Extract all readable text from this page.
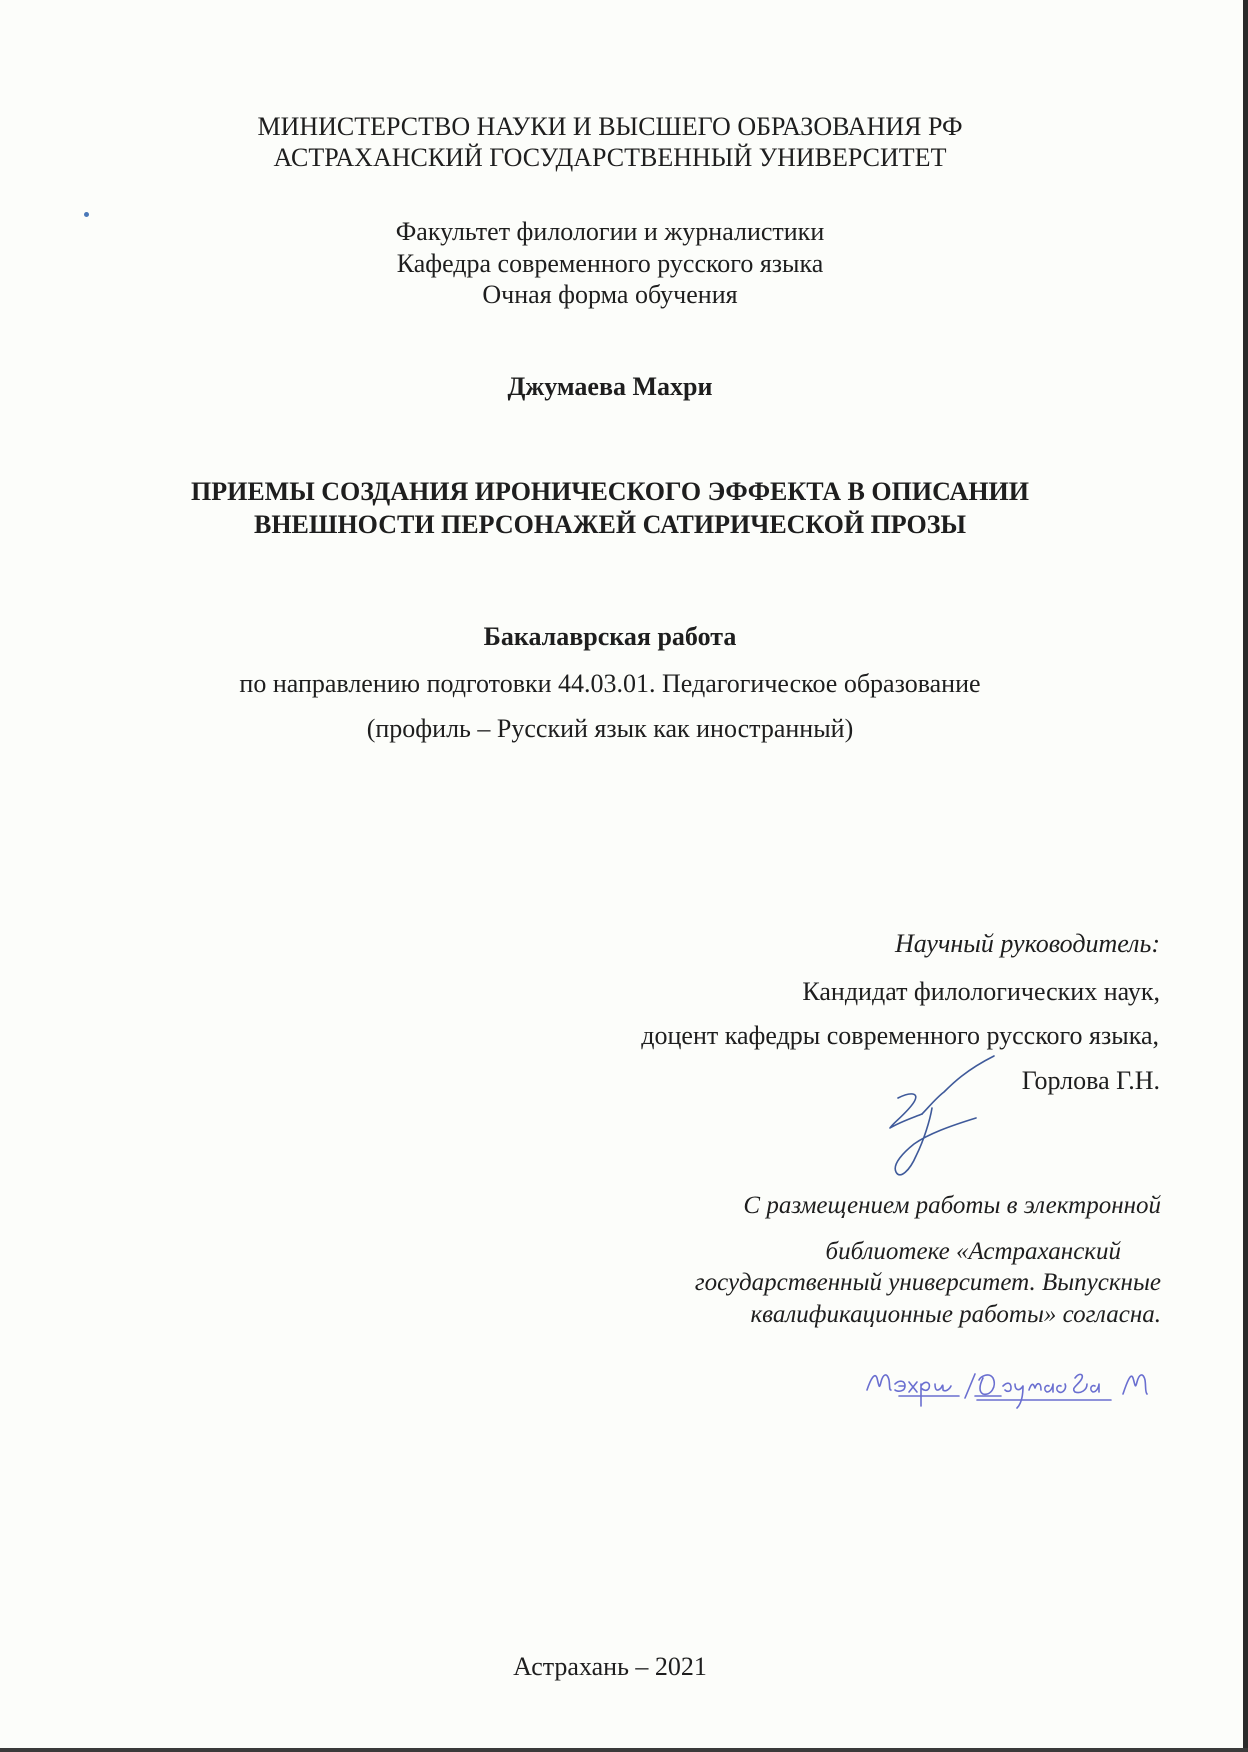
МИНИСТЕРСТВО НАУКИ И ВЫСШЕГО ОБРАЗОВАНИЯ РФ
АСТРАХАНСКИЙ ГОСУДАРСТВЕННЫЙ УНИВЕРСИТЕТ
Факультет филологии и журналистики
Кафедра современного русского языка
Очная форма обучения
Джумаева Махри
ПРИЕМЫ СОЗДАНИЯ ИРОНИЧЕСКОГО ЭФФЕКТА В ОПИСАНИИ
ВНЕШНОСТИ ПЕРСОНАЖЕЙ САТИРИЧЕСКОЙ ПРОЗЫ
Бакалаврская работа
по направлению подготовки 44.03.01. Педагогическое образование
(профиль – Русский язык как иностранный)
Научный руководитель:
Кандидат филологических наук,
доцент кафедры современного русского языка,
Горлова Г.Н.
С размещением работы в электронной
библиотеке «Астраханский
государственный университет. Выпускные
квалификационные работы» согласна.
Астрахань – 2021
